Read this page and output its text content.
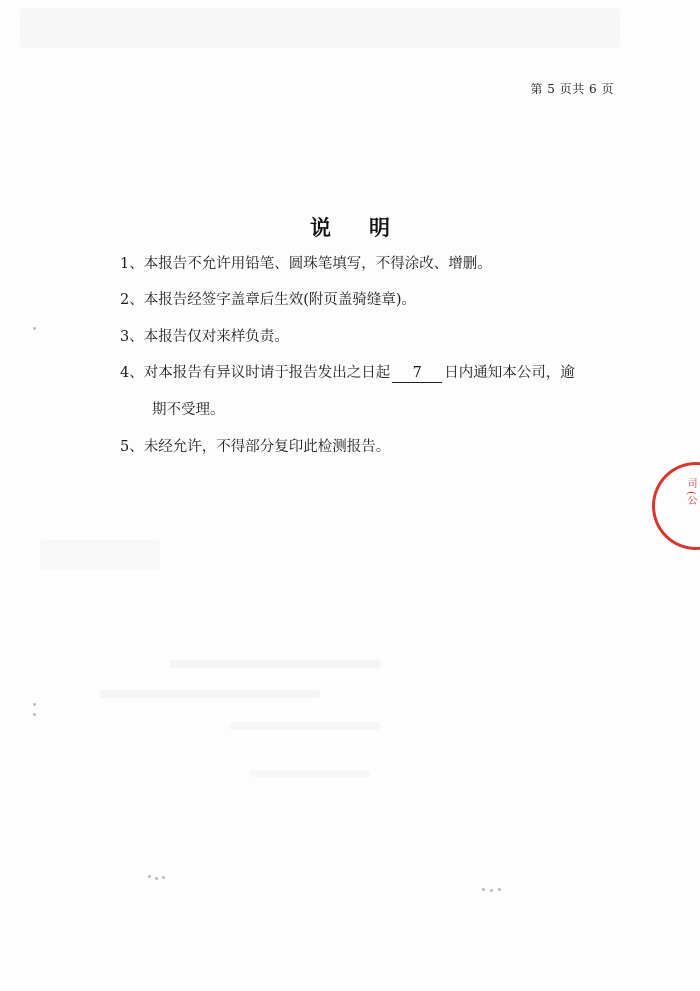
第 5 页共 6 页
说明
1、本报告不允许用铅笔、圆珠笔填写，不得涂改、增删。
2、本报告经签字盖章后生效(附页盖骑缝章)。
3、本报告仅对来样负责。
4、对本报告有异议时请于报告发出之日起 7 日内通知本公司，逾
期不受理。
5、未经允许，不得部分复印此检测报告。
司 (公
